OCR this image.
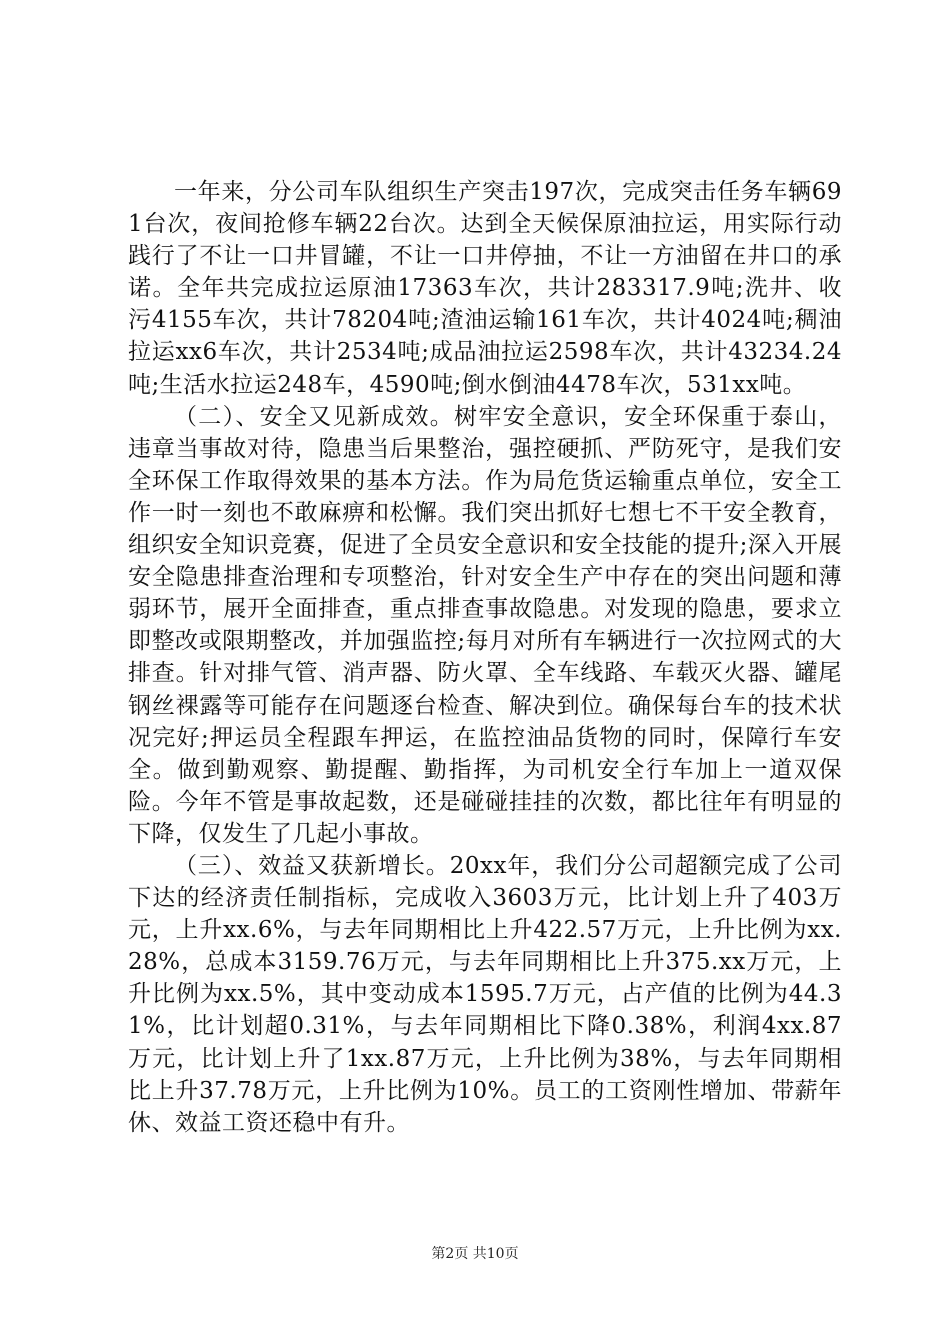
一年来，分公司车队组织生产突击197次，完成突击任务车辆691台次，夜间抢修车辆22台次。达到全天候保原油拉运，用实际行动践行了不让一口井冒罐，不让一口井停抽，不让一方油留在井口的承诺。全年共完成拉运原油17363车次，共计283317.9吨;洗井、收污4155车次，共计78204吨;渣油运输161车次，共计4024吨;稠油拉运xx6车次，共计2534吨;成品油拉运2598车次，共计43234.24吨;生活水拉运248车，4590吨;倒水倒油4478车次，531xx吨。

（二）、安全又见新成效。树牢安全意识，安全环保重于泰山，违章当事故对待，隐患当后果整治，强控硬抓、严防死守，是我们安全环保工作取得效果的基本方法。作为局危货运输重点单位，安全工作一时一刻也不敢麻痹和松懈。我们突出抓好七想七不干安全教育，组织安全知识竞赛，促进了全员安全意识和安全技能的提升;深入开展安全隐患排查治理和专项整治，针对安全生产中存在的突出问题和薄弱环节，展开全面排查，重点排查事故隐患。对发现的隐患，要求立即整改或限期整改，并加强监控;每月对所有车辆进行一次拉网式的大排查。针对排气管、消声器、防火罩、全车线路、车载灭火器、罐尾钢丝裸露等可能存在问题逐台检查、解决到位。确保每台车的技术状况完好;押运员全程跟车押运，在监控油品货物的同时，保障行车安全。做到勤观察、勤提醒、勤指挥，为司机安全行车加上一道双保险。今年不管是事故起数，还是碰碰挂挂的次数，都比往年有明显的下降，仅发生了几起小事故。

（三）、效益又获新增长。20xx年，我们分公司超额完成了公司下达的经济责任制指标，完成收入3603万元，比计划上升了403万元，上升xx.6%，与去年同期相比上升422.57万元，上升比例为xx.28%，总成本3159.76万元，与去年同期相比上升375.xx万元，上升比例为xx.5%，其中变动成本1595.7万元，占产值的比例为44.31%，比计划超0.31%，与去年同期相比下降0.38%，利润4xx.87万元，比计划上升了1xx.87万元，上升比例为38%，与去年同期相比上升37.78万元，上升比例为10%。员工的工资刚性增加、带薪年休、效益工资还稳中有升。

第2页 共10页
